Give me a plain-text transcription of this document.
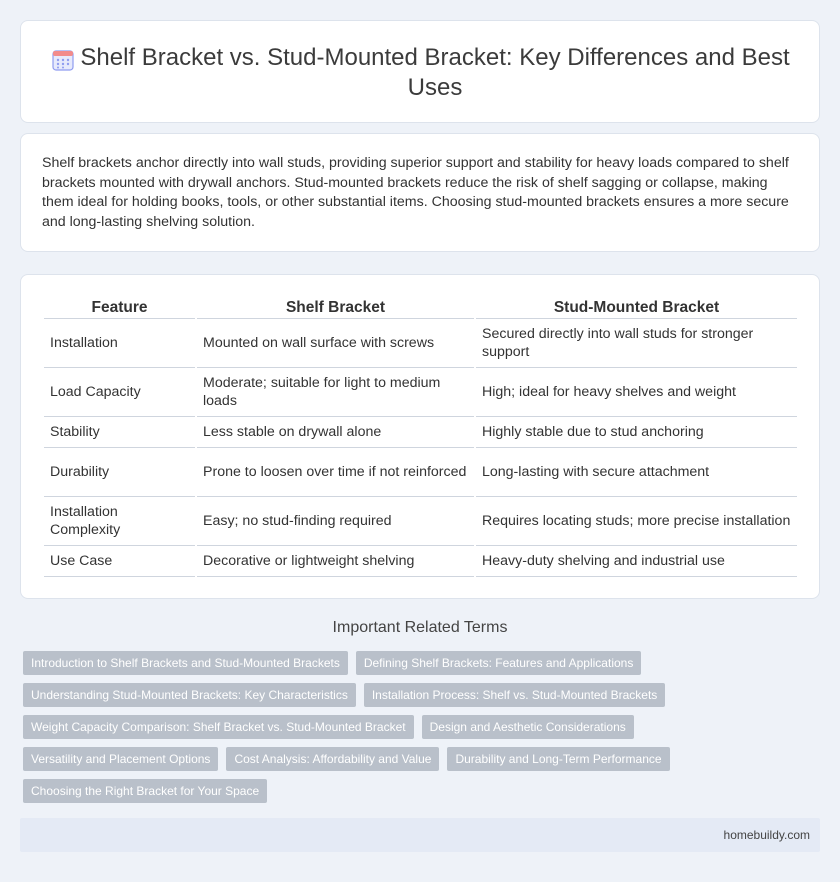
Shelf Bracket vs. Stud-Mounted Bracket: Key Differences and Best Uses

Shelf brackets anchor directly into wall studs, providing superior support and stability for heavy loads compared to shelf brackets mounted with drywall anchors. Stud-mounted brackets reduce the risk of shelf sagging or collapse, making them ideal for holding books, tools, or other substantial items. Choosing stud-mounted brackets ensures a more secure and long-lasting shelving solution.

Feature	Shelf Bracket	Stud-Mounted Bracket
Installation	Mounted on wall surface with screws	Secured directly into wall studs for stronger support
Load Capacity	Moderate; suitable for light to medium loads	High; ideal for heavy shelves and weight
Stability	Less stable on drywall alone	Highly stable due to stud anchoring
Durability	Prone to loosen over time if not reinforced	Long-lasting with secure attachment
Installation Complexity	Easy; no stud-finding required	Requires locating studs; more precise installation
Use Case	Decorative or lightweight shelving	Heavy-duty shelving and industrial use
Important Related Terms
Introduction to Shelf Brackets and Stud-Mounted Brackets	Defining Shelf Brackets: Features and Applications
Understanding Stud-Mounted Brackets: Key Characteristics	Installation Process: Shelf vs. Stud-Mounted Brackets
Weight Capacity Comparison: Shelf Bracket vs. Stud-Mounted Bracket	Design and Aesthetic Considerations
Versatility and Placement Options	Cost Analysis: Affordability and Value	Durability and Long-Term Performance
Choosing the Right Bracket for Your Space
homebuildy.com
